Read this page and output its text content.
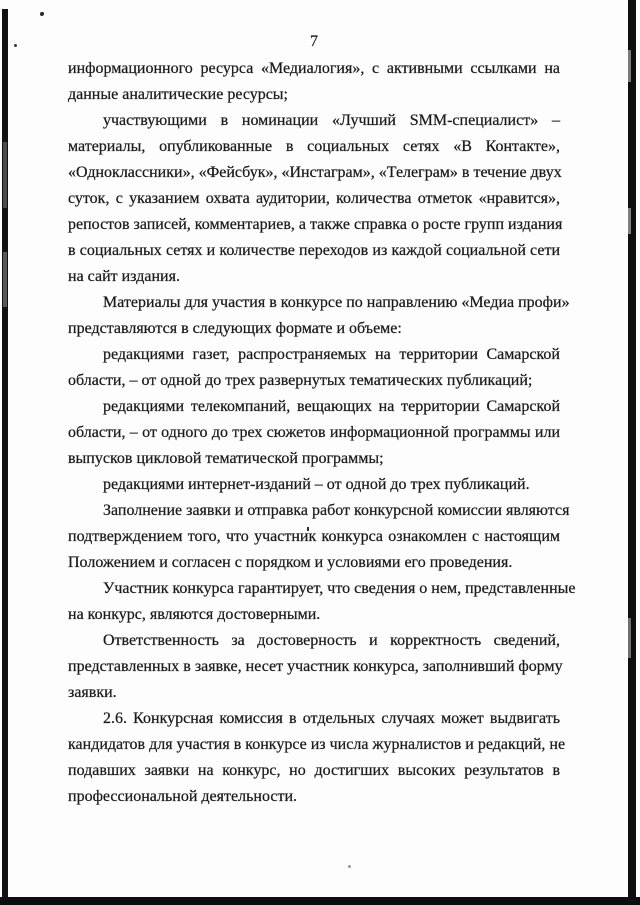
7
информационного ресурса «Медиалогия», с активными ссылками на
данные аналитические ресурсы;
участвующими в номинации «Лучший SMM-специалист» –
материалы, опубликованные в социальных сетях «В Контакте»,
«Одноклассники», «Фейсбук», «Инстаграм», «Телеграм» в течение двух
суток, с указанием охвата аудитории, количества отметок «нравится»,
репостов записей, комментариев, а также справка о росте групп издания
в социальных сетях и количестве переходов из каждой социальной сети
на сайт издания.
Материалы для участия в конкурсе по направлению «Медиа профи»
представляются в следующих формате и объеме:
редакциями газет, распространяемых на территории Самарской
области, – от одной до трех развернутых тематических публикаций;
редакциями телекомпаний, вещающих на территории Самарской
области, – от одного до трех сюжетов информационной программы или
выпусков цикловой тематической программы;
редакциями интернет-изданий – от одной до трех публикаций.
Заполнение заявки и отправка работ конкурсной комиссии являются
подтверждением того, что участник конкурса ознакомлен с настоящим
Положением и согласен с порядком и условиями его проведения.
Участник конкурса гарантирует, что сведения о нем, представленные
на конкурс, являются достоверными.
Ответственность за достоверность и корректность сведений,
представленных в заявке, несет участник конкурса, заполнивший форму
заявки.
2.6. Конкурсная комиссия в отдельных случаях может выдвигать
кандидатов для участия в конкурсе из числа журналистов и редакций, не
подавших заявки на конкурс, но достигших высоких результатов в
профессиональной деятельности.
